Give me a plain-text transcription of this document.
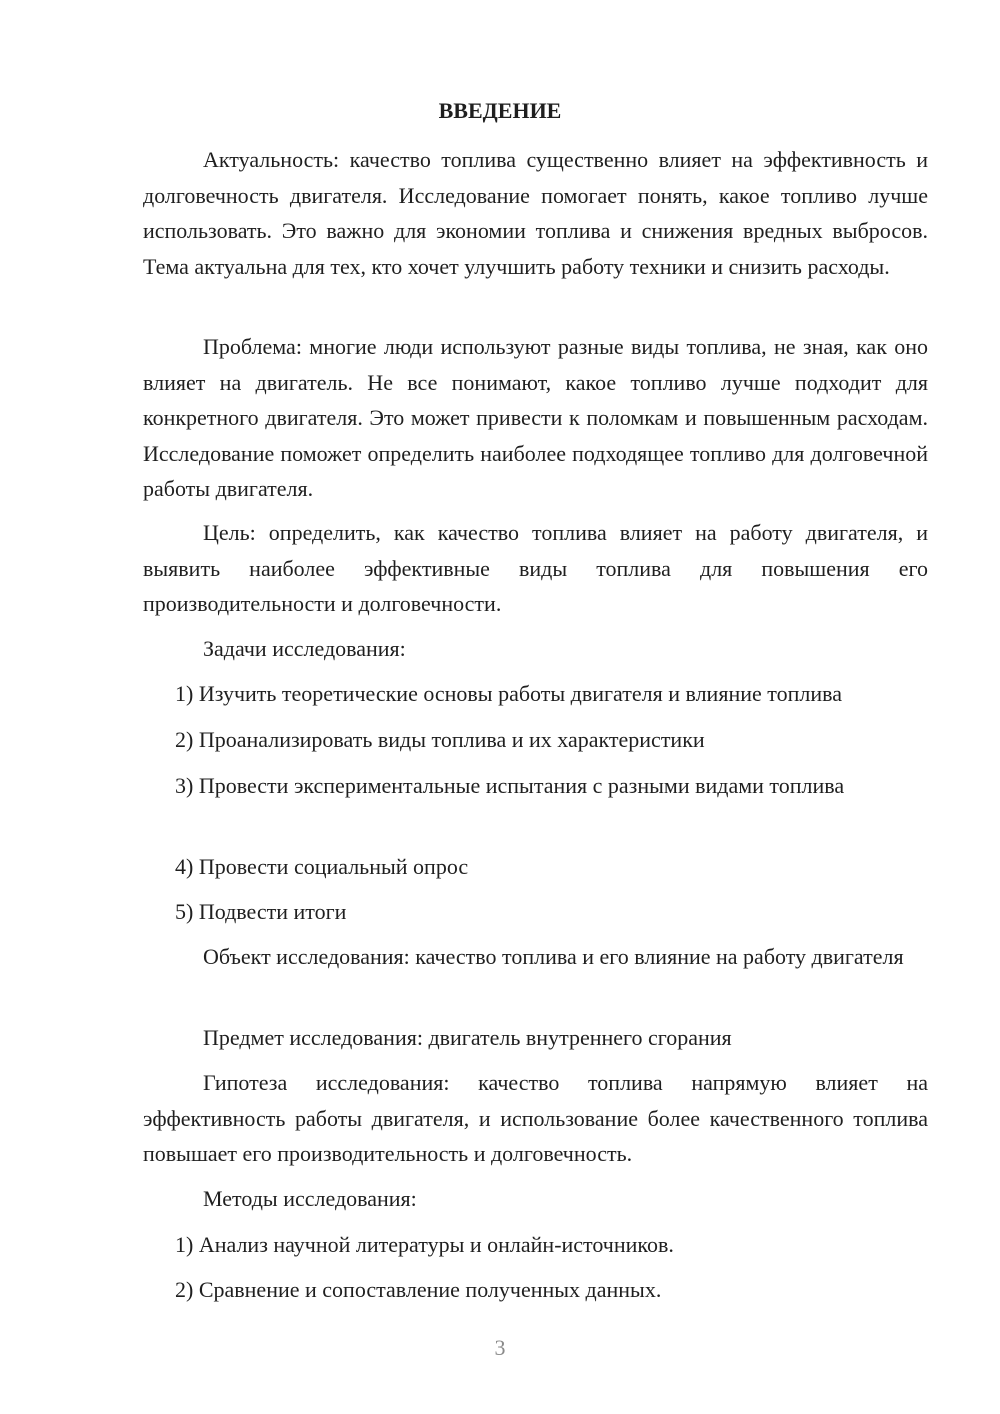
ВВЕДЕНИЕ

Актуальность: качество топлива существенно влияет на эффективность и долговечность двигателя. Исследование помогает понять, какое топливо лучше использовать. Это важно для экономии топлива и снижения вредных выбросов. Тема актуальна для тех, кто хочет улучшить работу техники и снизить расходы.

Проблема: многие люди используют разные виды топлива, не зная, как оно влияет на двигатель. Не все понимают, какое топливо лучше подходит для конкретного двигателя. Это может привести к поломкам и повышенным расходам. Исследование поможет определить наиболее подходящее топливо для долговечной работы двигателя.

Цель: определить, как качество топлива влияет на работу двигателя, и выявить наиболее эффективные виды топлива для повышения его производительности и долговечности.

Задачи исследования:

1) Изучить теоретические основы работы двигателя и влияние топлива

2) Проанализировать виды топлива и их характеристики

3) Провести экспериментальные испытания с разными видами топлива

4) Провести социальный опрос

5) Подвести итоги

Объект исследования: качество топлива и его влияние на работу двигателя

Предмет исследования: двигатель внутреннего сгорания

Гипотеза исследования: качество топлива напрямую влияет на эффективность работы двигателя, и использование более качественного топлива повышает его производительность и долговечность.

Методы исследования:

1) Анализ научной литературы и онлайн-источников.

2) Сравнение и сопоставление полученных данных.

3
